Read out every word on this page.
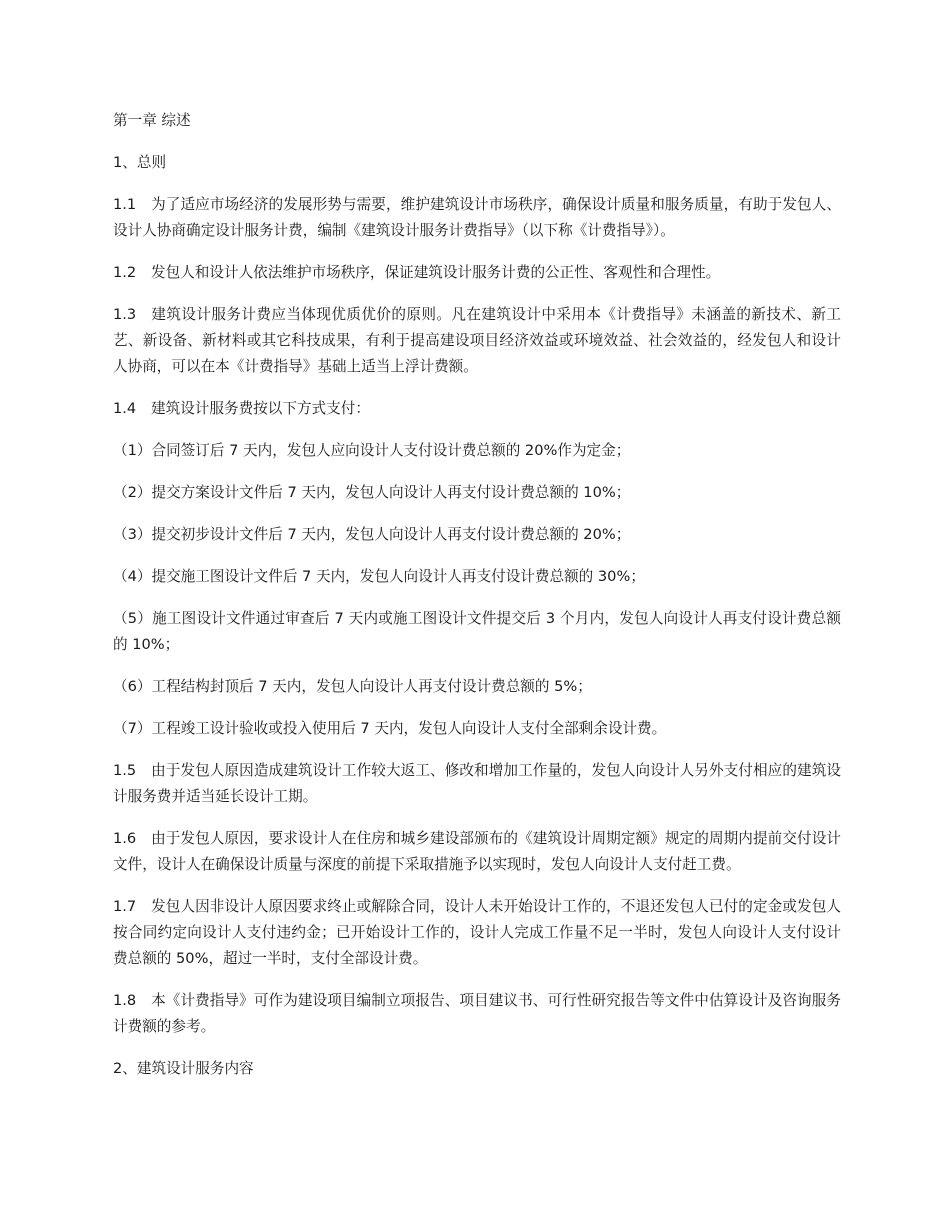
第一章 综述

1、总则

1.1 为了适应市场经济的发展形势与需要，维护建筑设计市场秩序，确保设计质量和服务质量，有助于发包人、设计人协商确定设计服务计费，编制《建筑设计服务计费指导》（以下称《计费指导》）。

1.2 发包人和设计人依法维护市场秩序，保证建筑设计服务计费的公正性、客观性和合理性。

1.3 建筑设计服务计费应当体现优质优价的原则。凡在建筑设计中采用本《计费指导》未涵盖的新技术、新工艺、新设备、新材料或其它科技成果，有利于提高建设项目经济效益或环境效益、社会效益的，经发包人和设计人协商，可以在本《计费指导》基础上适当上浮计费额。

1.4 建筑设计服务费按以下方式支付：

（1）合同签订后 7 天内，发包人应向设计人支付设计费总额的 20%作为定金；

（2）提交方案设计文件后 7 天内，发包人向设计人再支付设计费总额的 10%；

（3）提交初步设计文件后 7 天内，发包人向设计人再支付设计费总额的 20%；

（4）提交施工图设计文件后 7 天内，发包人向设计人再支付设计费总额的 30%；

（5）施工图设计文件通过审查后 7 天内或施工图设计文件提交后 3 个月内，发包人向设计人再支付设计费总额的 10%；

（6）工程结构封顶后 7 天内，发包人向设计人再支付设计费总额的 5%；

（7）工程竣工设计验收或投入使用后 7 天内，发包人向设计人支付全部剩余设计费。

1.5 由于发包人原因造成建筑设计工作较大返工、修改和增加工作量的，发包人向设计人另外支付相应的建筑设计服务费并适当延长设计工期。

1.6 由于发包人原因，要求设计人在住房和城乡建设部颁布的《建筑设计周期定额》规定的周期内提前交付设计文件，设计人在确保设计质量与深度的前提下采取措施予以实现时，发包人向设计人支付赶工费。

1.7 发包人因非设计人原因要求终止或解除合同，设计人未开始设计工作的，不退还发包人已付的定金或发包人按合同约定向设计人支付违约金；已开始设计工作的，设计人完成工作量不足一半时，发包人向设计人支付设计费总额的 50%，超过一半时，支付全部设计费。

1.8 本《计费指导》可作为建设项目编制立项报告、项目建议书、可行性研究报告等文件中估算设计及咨询服务计费额的参考。

2、建筑设计服务内容
